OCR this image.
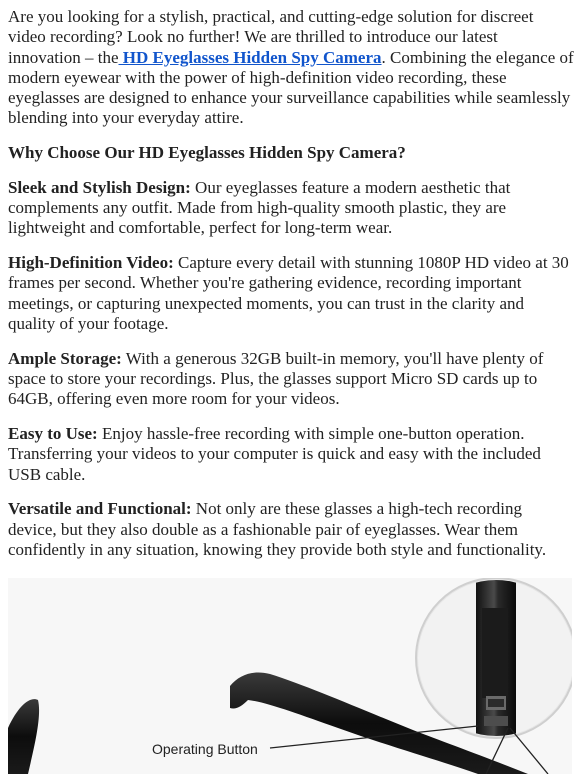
Are you looking for a stylish, practical, and cutting-edge solution for discreet video recording? Look no further! We are thrilled to introduce our latest innovation – the HD Eyeglasses Hidden Spy Camera. Combining the elegance of modern eyewear with the power of high-definition video recording, these eyeglasses are designed to enhance your surveillance capabilities while seamlessly blending into your everyday attire.

Why Choose Our HD Eyeglasses Hidden Spy Camera?

Sleek and Stylish Design: Our eyeglasses feature a modern aesthetic that complements any outfit. Made from high-quality smooth plastic, they are lightweight and comfortable, perfect for long-term wear.

High-Definition Video: Capture every detail with stunning 1080P HD video at 30 frames per second. Whether you're gathering evidence, recording important meetings, or capturing unexpected moments, you can trust in the clarity and quality of your footage.

Ample Storage: With a generous 32GB built-in memory, you'll have plenty of space to store your recordings. Plus, the glasses support Micro SD cards up to 64GB, offering even more room for your videos.

Easy to Use: Enjoy hassle-free recording with simple one-button operation. Transferring your videos to your computer is quick and easy with the included USB cable.

Versatile and Functional: Not only are these glasses a high-tech recording device, but they also double as a fashionable pair of eyeglasses. Wear them confidently in any situation, knowing they provide both style and functionality.

Operating Button
